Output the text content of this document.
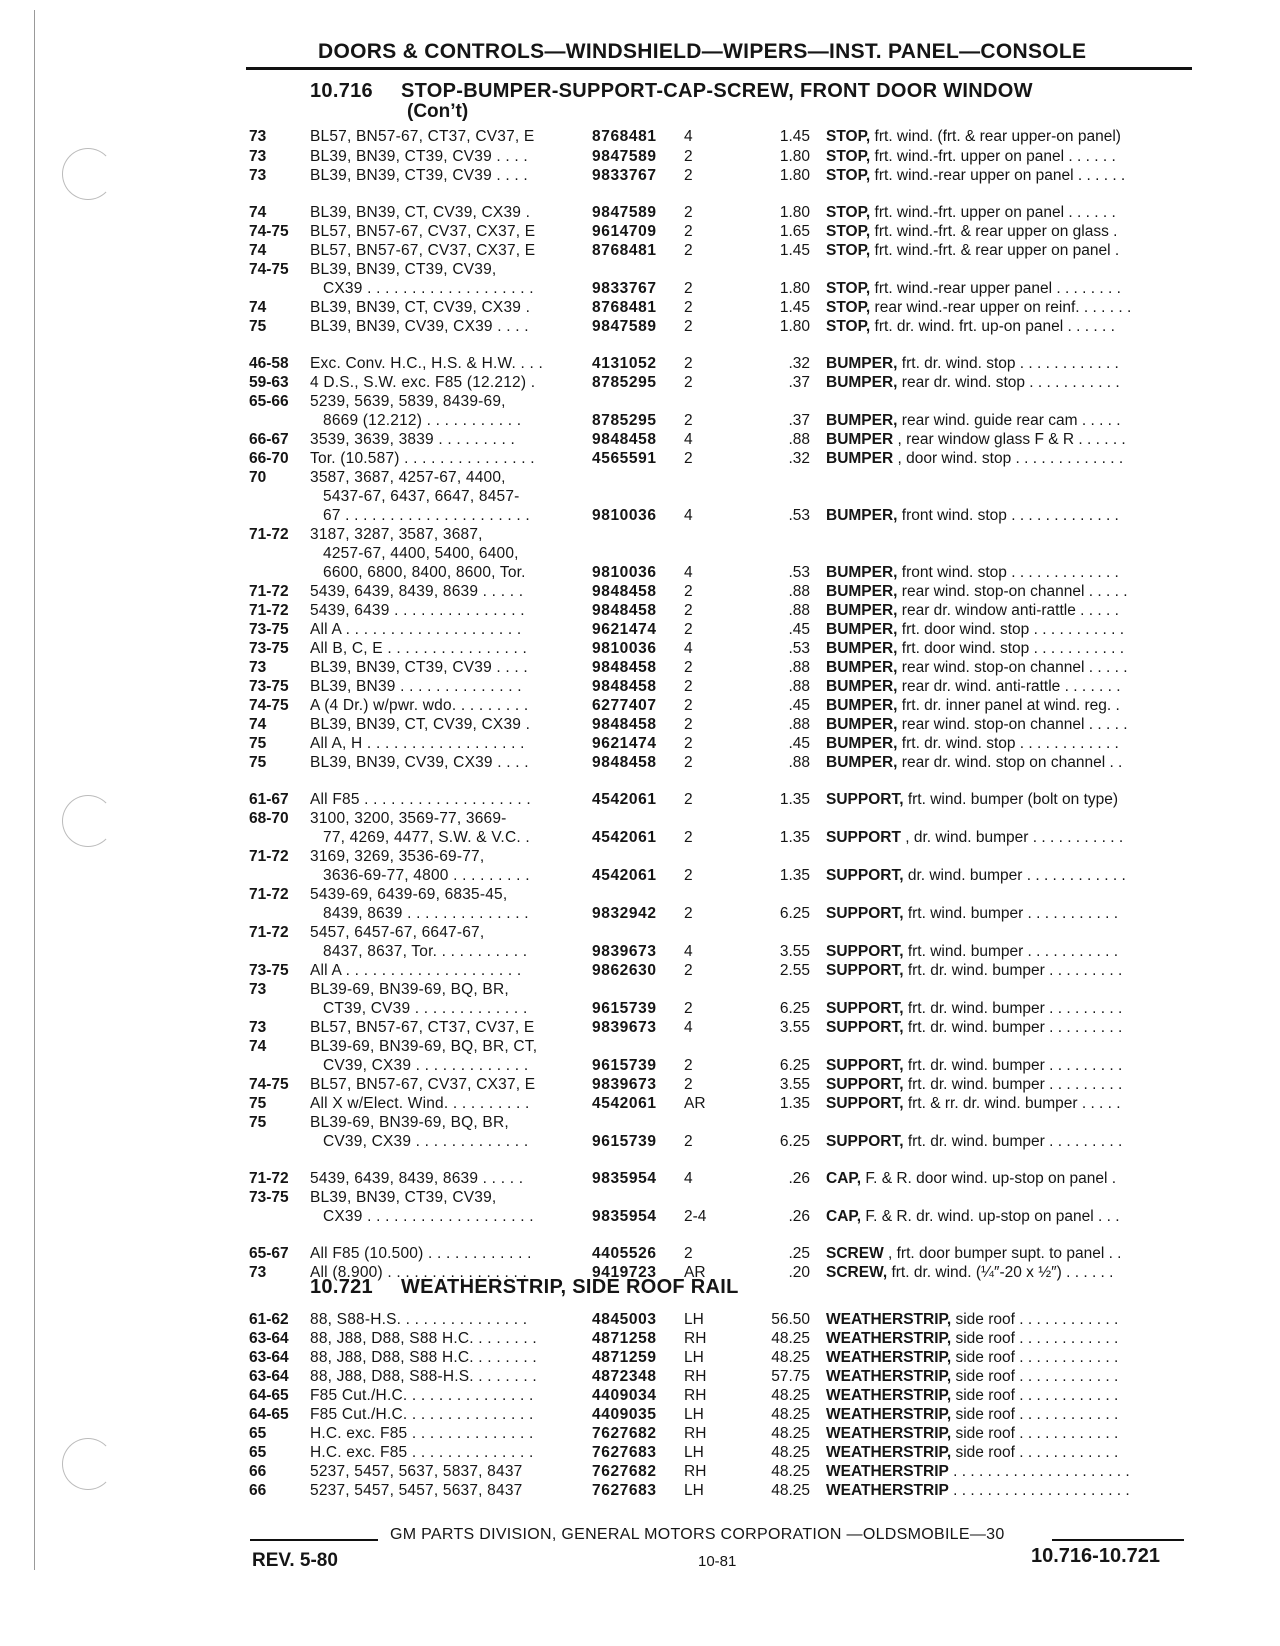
DOORS & CONTROLS—WINDSHIELD—WIPERS—INST. PANEL—CONSOLE
10.716 STOP-BUMPER-SUPPORT-CAP-SCREW, FRONT DOOR WINDOW
(Con’t)
73	BL57, BN57-67, CT37, CV37, E	8768481 4	1.45 STOP, frt. wind. (frt. & rear upper-on panel)
73	BL39, BN39, CT39, CV39 . . . .	9847589 2	1.80 STOP, frt. wind.-frt. upper on panel . . . . . .
73	BL39, BN39, CT39, CV39 . . . .	9833767 2	1.80 STOP, frt. wind.-rear upper on panel . . . . . .
74	BL39, BN39, CT, CV39, CX39 .	9847589 2	1.80 STOP, frt. wind.-frt. upper on panel . . . . . .
74-75 BL57, BN57-67, CV37, CX37, E	9614709 2	1.65 STOP, frt. wind.-frt. & rear upper on glass .
74	BL57, BN57-67, CV37, CX37, E	8768481 2	1.45 STOP, frt. wind.-frt. & rear upper on panel .
74-75 BL39, BN39, CT39, CV39,
CX39 . . . . . . . . . . . . . . . . . . .	9833767 2	1.80 STOP, frt. wind.-rear upper panel . . . . . . . .
74	BL39, BN39, CT, CV39, CX39 .	8768481 2	1.45 STOP, rear wind.-rear upper on reinf. . . . . . .
75	BL39, BN39, CV39, CX39 . . . .	9847589 2	1.80 STOP, frt. dr. wind. frt. up-on panel . . . . . .
46-58 Exc. Conv. H.C., H.S. & H.W. . . .	4131052 2	.32 BUMPER, frt. dr. wind. stop . . . . . . . . . . . .
59-63 4 D.S., S.W. exc. F85 (12.212) .	8785295 2	.37 BUMPER, rear dr. wind. stop . . . . . . . . . . .
65-66 5239, 5639, 5839, 8439-69,
8669 (12.212) . . . . . . . . . . .	8785295 2	.37 BUMPER, rear wind. guide rear cam . . . . .
66-67 3539, 3639, 3839 . . . . . . . . .	9848458 4	.88 BUMPER , rear window glass F & R . . . . . .
66-70 Tor. (10.587) . . . . . . . . . . . . . . .	4565591 2	.32 BUMPER , door wind. stop . . . . . . . . . . . . .
70	3587, 3687, 4257-67, 4400,
5437-67, 6437, 6647, 8457-
67 . . . . . . . . . . . . . . . . . . . . .	9810036 4	.53 BUMPER, front wind. stop . . . . . . . . . . . . .
71-72 3187, 3287, 3587, 3687,
4257-67, 4400, 5400, 6400,
6600, 6800, 8400, 8600, Tor.	9810036 4	.53 BUMPER, front wind. stop . . . . . . . . . . . . .
71-72 5439, 6439, 8439, 8639 . . . . .	9848458 2	.88 BUMPER, rear wind. stop-on channel . . . . .
71-72 5439, 6439 . . . . . . . . . . . . . . .	9848458 2	.88 BUMPER, rear dr. window anti-rattle . . . . .
73-75 All A . . . . . . . . . . . . . . . . . . . .	9621474 2	.45 BUMPER, frt. door wind. stop . . . . . . . . . . .
73-75 All B, C, E . . . . . . . . . . . . . . . .	9810036 4	.53 BUMPER, frt. door wind. stop . . . . . . . . . . .
73	BL39, BN39, CT39, CV39 . . . .	9848458 2	.88 BUMPER, rear wind. stop-on channel . . . . .
73-75 BL39, BN39 . . . . . . . . . . . . . .	9848458 2	.88 BUMPER, rear dr. wind. anti-rattle . . . . . . .
74-75 A (4 Dr.) w/pwr. wdo. . . . . . . . .	6277407 2	.45 BUMPER, frt. dr. inner panel at wind. reg. .
74	BL39, BN39, CT, CV39, CX39 .	9848458 2	.88 BUMPER, rear wind. stop-on channel . . . . .
75	All A, H . . . . . . . . . . . . . . . . . .	9621474 2	.45 BUMPER, frt. dr. wind. stop . . . . . . . . . . . .
75	BL39, BN39, CV39, CX39 . . . .	9848458 2	.88 BUMPER, rear dr. wind. stop on channel . .
61-67 All F85 . . . . . . . . . . . . . . . . . . .	4542061 2	1.35 SUPPORT, frt. wind. bumper (bolt on type)
68-70 3100, 3200, 3569-77, 3669-
77, 4269, 4477, S.W. & V.C. .	4542061 2	1.35 SUPPORT , dr. wind. bumper . . . . . . . . . . .
71-72 3169, 3269, 3536-69-77,
3636-69-77, 4800 . . . . . . . . .	4542061 2	1.35 SUPPORT, dr. wind. bumper . . . . . . . . . . . .
71-72 5439-69, 6439-69, 6835-45,
8439, 8639 . . . . . . . . . . . . . .	9832942 2	6.25 SUPPORT, frt. wind. bumper . . . . . . . . . . .
71-72 5457, 6457-67, 6647-67,
8437, 8637, Tor. . . . . . . . . . .	9839673 4	3.55 SUPPORT, frt. wind. bumper . . . . . . . . . . .
73-75 All A . . . . . . . . . . . . . . . . . . . .	9862630 2	2.55 SUPPORT, frt. dr. wind. bumper . . . . . . . . .
73	BL39-69, BN39-69, BQ, BR,
CT39, CV39 . . . . . . . . . . . . .	9615739 2	6.25 SUPPORT, frt. dr. wind. bumper . . . . . . . . .
73	BL57, BN57-67, CT37, CV37, E	9839673 4	3.55 SUPPORT, frt. dr. wind. bumper . . . . . . . . .
74	BL39-69, BN39-69, BQ, BR, CT,
CV39, CX39 . . . . . . . . . . . . .	9615739 2	6.25 SUPPORT, frt. dr. wind. bumper . . . . . . . . .
74-75 BL57, BN57-67, CV37, CX37, E	9839673 2	3.55 SUPPORT, frt. dr. wind. bumper . . . . . . . . .
75	All X w/Elect. Wind. . . . . . . . . .	4542061 AR	1.35 SUPPORT, frt. & rr. dr. wind. bumper . . . . .
75	BL39-69, BN39-69, BQ, BR,
CV39, CX39 . . . . . . . . . . . . .	9615739 2	6.25 SUPPORT, frt. dr. wind. bumper . . . . . . . . .
71-72 5439, 6439, 8439, 8639 . . . . .	9835954 4	.26 CAP, F. & R. door wind. up-stop on panel .
73-75 BL39, BN39, CT39, CV39,
CX39 . . . . . . . . . . . . . . . . . . .	9835954 2-4	.26 CAP, F. & R. dr. wind. up-stop on panel . . .
65-67 All F85 (10.500) . . . . . . . . . . . .	4405526 2	.25 SCREW , frt. door bumper supt. to panel . .
73	All (8.900) . . . . . . . . . . . . . . . .	9419723 AR	.20 SCREW, frt. dr. wind. (¼″-20 x ½″) . . . . . .
10.721 WEATHERSTRIP, SIDE ROOF RAIL
61-62 88, S88-H.S. . . . . . . . . . . . . . .	4845003 LH	56.50 WEATHERSTRIP, side roof . . . . . . . . . . . .
63-64 88, J88, D88, S88 H.C. . . . . . . .	4871258 RH	48.25 WEATHERSTRIP, side roof . . . . . . . . . . . .
63-64 88, J88, D88, S88 H.C. . . . . . . .	4871259 LH	48.25 WEATHERSTRIP, side roof . . . . . . . . . . . .
63-64 88, J88, D88, S88-H.S. . . . . . . .	4872348 RH	57.75 WEATHERSTRIP, side roof . . . . . . . . . . . .
64-65 F85 Cut./H.C. . . . . . . . . . . . . . .	4409034 RH	48.25 WEATHERSTRIP, side roof . . . . . . . . . . . .
64-65 F85 Cut./H.C. . . . . . . . . . . . . . .	4409035 LH	48.25 WEATHERSTRIP, side roof . . . . . . . . . . . .
65	H.C. exc. F85 . . . . . . . . . . . . . .	7627682 RH	48.25 WEATHERSTRIP, side roof . . . . . . . . . . . .
65	H.C. exc. F85 . . . . . . . . . . . . . .	7627683 LH	48.25 WEATHERSTRIP, side roof . . . . . . . . . . . .
66	5237, 5457, 5637, 5837, 8437	7627682 RH	48.25 WEATHERSTRIP . . . . . . . . . . . . . . . . . . . . .
66	5237, 5457, 5457, 5637, 8437	7627683 LH	48.25 WEATHERSTRIP . . . . . . . . . . . . . . . . . . . . .
GM PARTS DIVISION, GENERAL MOTORS CORPORATION —OLDSMOBILE—30
REV. 5-80	10-81	10.716-10.721
